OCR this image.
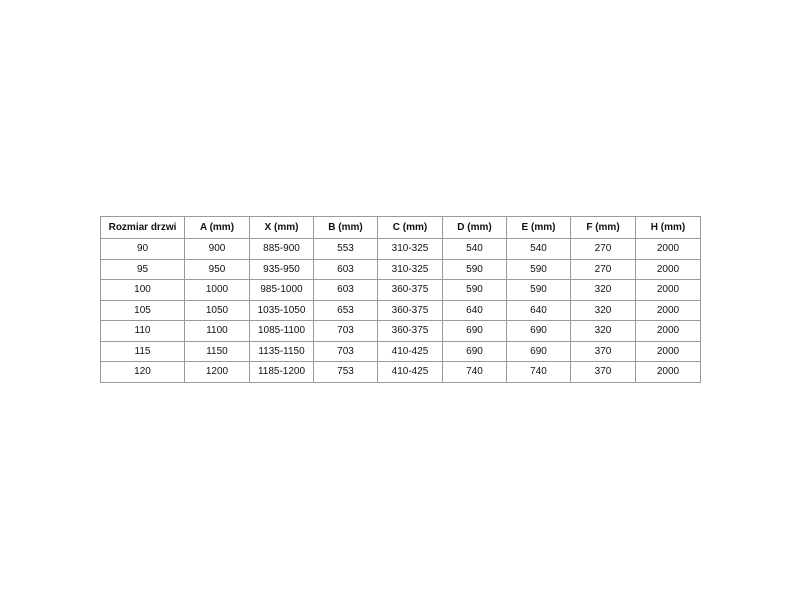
Rozmiar drzwi	A (mm)	X (mm)	B (mm)	C (mm)	D (mm)	E (mm)	F (mm)	H (mm)
90	900	885-900	553	310-325	540	540	270	2000
95	950	935-950	603	310-325	590	590	270	2000
100	1000	985-1000	603	360-375	590	590	320	2000
105	1050	1035-1050	653	360-375	640	640	320	2000
110	1100	1085-1100	703	360-375	690	690	320	2000
115	1150	1135-1150	703	410-425	690	690	370	2000
120	1200	1185-1200	753	410-425	740	740	370	2000
